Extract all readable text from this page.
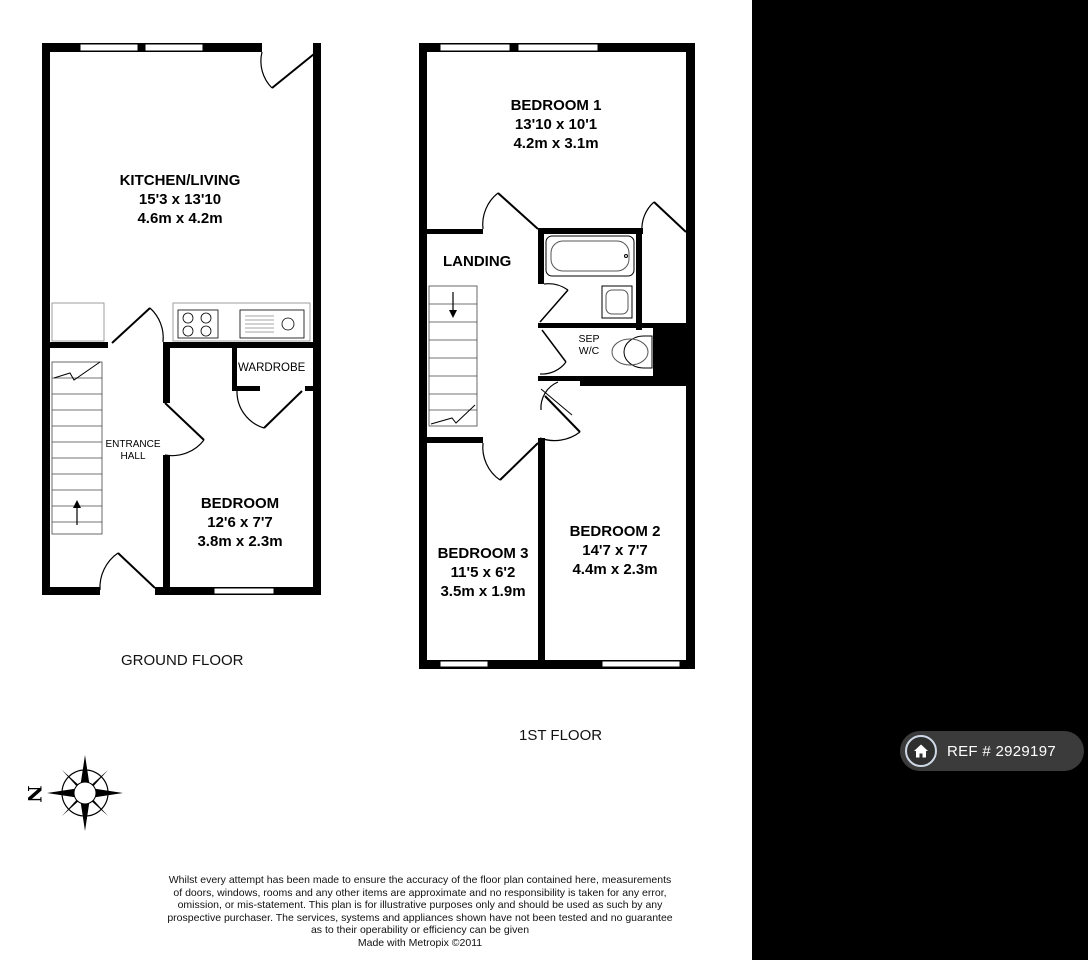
N
KITCHEN/LIVING
15'3 x 13'10
4.6m x 4.2m
WARDROBE
ENTRANCE
HALL
BEDROOM
12'6 x 7'7
3.8m x 2.3m
GROUND FLOOR
BEDROOM 1
13'10 x 10'1
4.2m x 3.1m
LANDING
SEP
W/C
BEDROOM 2
14'7 x 7'7
4.4m x 2.3m
BEDROOM 3
11'5 x 6'2
3.5m x 1.9m
1ST FLOOR
Whilst every attempt has been made to ensure the accuracy of the floor plan contained here, measurements
of doors, windows, rooms and any other items are approximate and no responsibility is taken for any error,
omission, or mis-statement. This plan is for illustrative purposes only and should be used as such by any
prospective purchaser. The services, systems and appliances shown have not been tested and no guarantee
as to their operability or efficiency can be given
Made with Metropix ©2011
REF # 2929197
